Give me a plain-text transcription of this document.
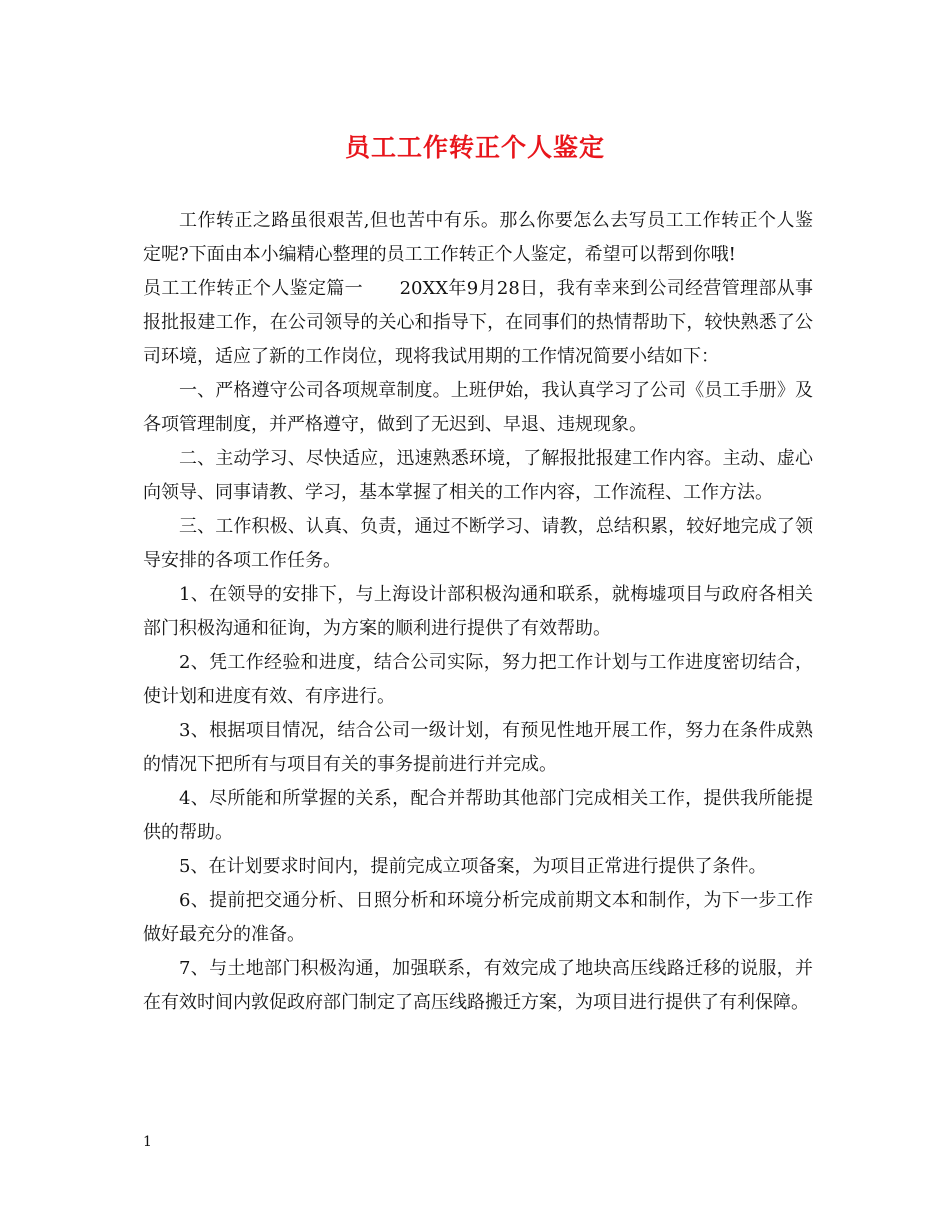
员工工作转正个人鉴定

工作转正之路虽很艰苦,但也苦中有乐。那么你要怎么去写员工工作转正个人鉴定呢?下面由本小编精心整理的员工工作转正个人鉴定，希望可以帮到你哦!

员工工作转正个人鉴定篇一　　20XX年9月28日，我有幸来到公司经营管理部从事报批报建工作，在公司领导的关心和指导下，在同事们的热情帮助下，较快熟悉了公司环境，适应了新的工作岗位，现将我试用期的工作情况简要小结如下：

一、严格遵守公司各项规章制度。上班伊始，我认真学习了公司《员工手册》及各项管理制度，并严格遵守，做到了无迟到、早退、违规现象。

二、主动学习、尽快适应，迅速熟悉环境，了解报批报建工作内容。主动、虚心向领导、同事请教、学习，基本掌握了相关的工作内容，工作流程、工作方法。

三、工作积极、认真、负责，通过不断学习、请教，总结积累，较好地完成了领导安排的各项工作任务。

1、在领导的安排下，与上海设计部积极沟通和联系，就梅墟项目与政府各相关部门积极沟通和征询，为方案的顺利进行提供了有效帮助。

2、凭工作经验和进度，结合公司实际，努力把工作计划与工作进度密切结合，使计划和进度有效、有序进行。

3、根据项目情况，结合公司一级计划，有预见性地开展工作，努力在条件成熟的情况下把所有与项目有关的事务提前进行并完成。

4、尽所能和所掌握的关系，配合并帮助其他部门完成相关工作，提供我所能提供的帮助。

5、在计划要求时间内，提前完成立项备案，为项目正常进行提供了条件。

6、提前把交通分析、日照分析和环境分析完成前期文本和制作，为下一步工作做好最充分的准备。

7、与土地部门积极沟通，加强联系，有效完成了地块高压线路迁移的说服，并在有效时间内敦促政府部门制定了高压线路搬迁方案，为项目进行提供了有利保障。

1
